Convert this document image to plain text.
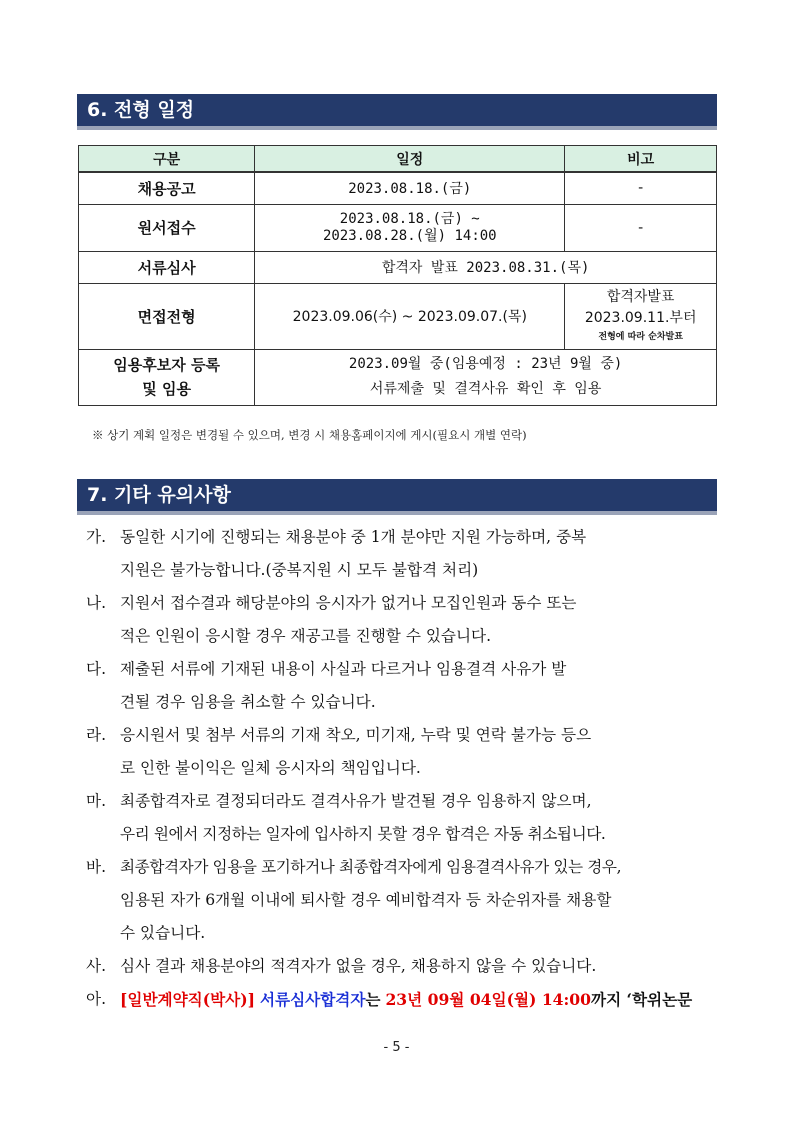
6. 전형 일정
구분	일정	비고
채용공고	2023.08.18.(금)	-
원서접수	2023.08.18.(금) ~
2023.08.28.(월) 14:00	-
서류심사	합격자 발표 2023.08.31.(목)	
면접전형	2023.09.06(수) ~ 2023.09.07.(목)	합격자발표
2023.09.11.부터
전형에 따라 순차발표

임용후보자 등록
및 임용	2023.09월 중(임용예정 : 23년 9월 중)
서류제출 및 결격사유 확인 후 임용	
※ 상기 계획 일정은 변경될 수 있으며, 변경 시 채용홈페이지에 게시(필요시 개별 연락)
7. 기타 유의사항
가. 동일한 시기에 진행되는 채용분야 중 1개 분야만 지원 가능하며, 중복
지원은 불가능합니다.(중복지원 시 모두 불합격 처리)
나. 지원서 접수결과 해당분야의 응시자가 없거나 모집인원과 동수 또는
적은 인원이 응시할 경우 재공고를 진행할 수 있습니다.
다. 제출된 서류에 기재된 내용이 사실과 다르거나 임용결격 사유가 발
견될 경우 임용을 취소할 수 있습니다.
라. 응시원서 및 첨부 서류의 기재 착오, 미기재, 누락 및 연락 불가능 등으
로 인한 불이익은 일체 응시자의 책임입니다.
마. 최종합격자로 결정되더라도 결격사유가 발견될 경우 임용하지 않으며,
우리 원에서 지정하는 일자에 입사하지 못할 경우 합격은 자동 취소됩니다.
바. 최종합격자가 임용을 포기하거나 최종합격자에게 임용결격사유가 있는 경우,
임용된 자가 6개월 이내에 퇴사할 경우 예비합격자 등 차순위자를 채용할
수 있습니다.
사. 심사 결과 채용분야의 적격자가 없을 경우, 채용하지 않을 수 있습니다.
아. [일반계약직(박사)] 서류심사합격자는 23년 09월 04일(월) 14:00까지 ‘학위논문
- 5 -
